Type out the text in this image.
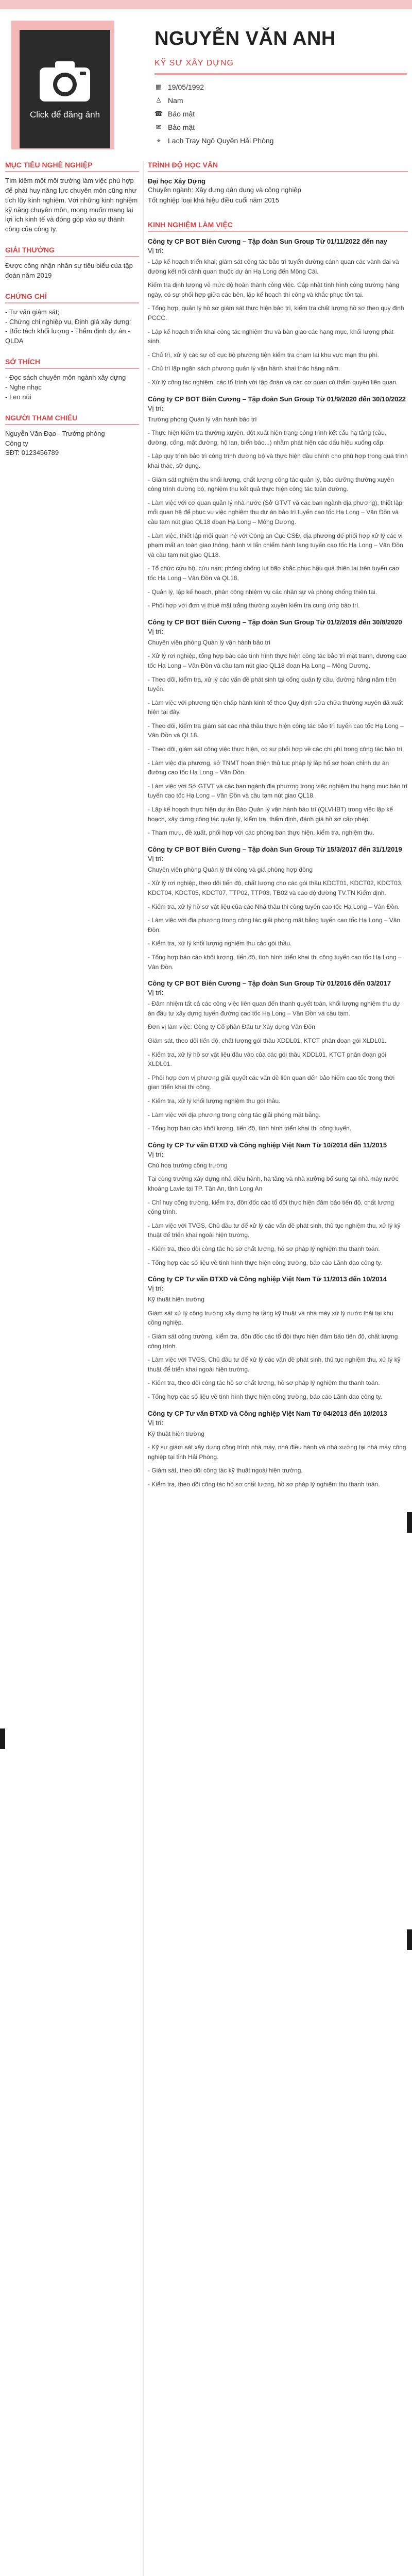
Click để đăng ảnh
NGUYỄN VĂN ANH
KỸ SƯ XÂY DỰNG
▦ 19/05/1992
♙ Nam
☎ Bảo mật
✉ Bảo mật
⌖	Lạch Tray Ngô Quyền Hải Phòng
MỤC TIÊU NGHỀ NGHIỆP

Tìm kiếm một môi trường làm việc phù hợp để phát huy năng lực chuyên môn cũng như tích lũy kinh nghiệm. Với những kinh nghiệm kỹ năng chuyên môn, mong muốn mang lại lợi ích kinh tế và đóng góp vào sự thành công của công ty.

GIẢI THƯỞNG

Được công nhận nhân sự tiêu biểu của tập đoàn năm 2019

CHỨNG CHỈ

- Tư vấn giám sát;

- Chứng chỉ nghiệp vụ, Định giá xây dựng;

- Bốc tách khối lượng - Thẩm định dự án - QLDA

SỞ THÍCH

- Đọc sách chuyên môn ngành xây dựng

- Nghe nhạc

- Leo núi

NGƯỜI THAM CHIẾU

Nguyễn Văn Đạo - Trưởng phòng

Công ty

SĐT: 0123456789

TRÌNH ĐỘ HỌC VẤN
Đại học Xây Dựng
Chuyên ngành: Xây dựng dân dụng và công nghiệp
Tốt nghiệp loại khá hiệu điều cuối năm 2015
KINH NGHIỆM LÀM VIỆC
Công ty CP BOT Biên Cương – Tập đoàn Sun Group Từ 01/11/2022 đến nay
Vị trí:

- Lập kế hoạch triển khai; giám sát công tác bảo trì tuyến đường cánh quan các vành đai và đường kết nối cảnh quan thuộc dự án Hạ Long đến Mông Cái.

Kiểm tra định lượng về mức độ hoàn thành công việc. Cập nhật tình hình công trường hàng ngày, có sự phối hợp giữa các bên, lập kế hoạch thi công và khắc phục tồn tại.

- Tổng hợp, quản lý hồ sơ giám sát thực hiện bảo trì, kiểm tra chất lượng hồ sơ theo quy định PCCC.

- Lập kế hoạch triển khai công tác nghiệm thu và bàn giao các hạng mục, khối lượng phát sinh.

- Chủ trì, xử lý các sự cố cục bộ phương tiện kiểm tra chạm lại khu vực mạn thu phí.

- Chủ trì lập ngân sách phương quản lý vận hành khai thác hàng năm.

- Xử lý công tác nghiệm, các tổ trình với tập đoàn và các cơ quan có thẩm quyền liên quan.

Công ty CP BOT Biên Cương – Tập đoàn Sun Group Từ 01/9/2020 đến 30/10/2022
Vị trí:

Trưởng phòng Quản lý vận hành bảo trì

- Thực hiện kiểm tra thường xuyên, đột xuất hiện trạng công trình kết cấu hạ tầng (cầu, đường, cống, mặt đường, hộ lan, biển báo...) nhằm phát hiện các dấu hiệu xuống cấp.

- Lập quy trình bảo trì công trình đường bộ và thực hiện đầu chính cho phù hợp trong quá trình khai thác, sử dụng.

- Giám sát nghiệm thu khối lượng, chất lượng công tác quản lý, bảo dưỡng thường xuyên công trình đường bộ, nghiệm thu kết quả thực hiện công tác tuần đường.

- Làm việc với cơ quan quản lý nhà nước (Sở GTVT và các ban ngành địa phương), thiết lập mối quan hệ để phục vụ việc nghiệm thu dự án bảo trì tuyến cao tốc Hạ Long – Vân Đồn và cầu tạm nút giao QL18 đoạn Hạ Long – Mông Dương.

- Làm việc, thiết lập mối quan hệ với Công an Cục CSĐ, địa phương để phối hợp xử lý các vi phạm mất an toàn giao thông, hành vi lấn chiếm hành lang tuyến cao tốc Hạ Long – Vân Đồn và cầu tạm nút giao QL18.

- Tổ chức cứu hộ, cứu nạn; phòng chống lụt bão khắc phục hậu quả thiên tai trên tuyến cao tốc Hạ Long – Vân Đồn và QL18.

- Quản lý, lập kế hoạch, phân công nhiệm vụ các nhân sự và phòng chống thiên tai.

- Phối hợp với đơn vị thuê mặt trắng thường xuyên kiểm tra cung ứng bảo trì.

Công ty CP BOT Biên Cương – Tập đoàn Sun Group Từ 01/2/2019 đến 30/8/2020
Vị trí:

Chuyên viên phòng Quản lý vận hành bảo trì

- Xử lý rơi nghiệp, tổng hợp báo cáo tình hình thực hiện công tác bảo trì mặt tranh, đường cao tốc Hạ Long – Vân Đồn và cầu tạm nút giao QL18 đoạn Hạ Long – Mông Dương.

- Theo dõi, kiểm tra, xử lý các vấn đề phát sinh tại cổng quản lý cầu, đường hằng năm trên tuyến.

- Làm việc với phương tiện chấp hành kinh tế theo Quy định sửa chữa thường xuyên đã xuất hiện tại đây.

- Theo dõi, kiểm tra giám sát các nhà thầu thực hiện công tác bảo trì tuyến cao tốc Hạ Long – Vân Đồn và QL18.

- Theo dõi, giám sát công việc thực hiện, có sự phối hợp về các chi phí trong công tác bảo trì.

- Làm việc địa phương, sở TNMT hoàn thiện thủ tục pháp lý lắp hố sơ hoàn chỉnh dự án đường cao tốc Hạ Long – Vân Đồn.

- Làm việc với Sở GTVT và các ban ngành địa phương trong việc nghiệm thu hạng mục bảo trì tuyến cao tốc Hạ Long – Vân Đồn và cầu tạm nút giao QL18.

- Lập kế hoạch thực hiện dự án Bảo Quản lý vận hành bảo trì (QLVHBT) trong việc lập kế hoạch, xây dựng công tác quản lý, kiểm tra, thẩm định, đánh giá hồ sơ cấp phép.

- Tham mưu, đề xuất, phối hợp với các phòng ban thực hiện, kiểm tra, nghiệm thu.

Công ty CP BOT Biên Cương – Tập đoàn Sun Group Từ 15/3/2017 đến 31/1/2019
Vị trí:

Chuyên viên phòng Quản lý thi công và giá phòng hợp đồng

- Xử lý rơi nghiệp, theo dõi tiến độ, chất lượng cho các gói thầu KDCT01, KDCT02, KDCT03, KDCT04, KDCT05, KDCT07, TTP02, TTP03, TB02 và cao độ đường TV.TN Kiểm định.

- Kiểm tra, xử lý hồ sơ vật liệu của các Nhà thầu thi công tuyến cao tốc Hạ Long – Vân Đồn.

- Làm việc với địa phương trong công tác giải phóng mặt bằng tuyến cao tốc Hạ Long – Vân Đồn.

- Kiểm tra, xử lý khối lượng nghiệm thu các gói thầu.

- Tổng hợp báo cáo khối lượng, tiến độ, tình hình triển khai thi công tuyến cao tốc Hạ Long – Vân Đồn.

Công ty CP BOT Biên Cương – Tập đoàn Sun Group Từ 01/2016 đến 03/2017
Vị trí:

- Đảm nhiệm tất cả các công việc liên quan đến thanh quyết toán, khối lượng nghiệm thu dự án đầu tư xây dựng tuyến đường cao tốc Hạ Long – Vân Đồn và cầu tạm.

Đơn vị làm việc: Công ty Cổ phần Đầu tư Xây dựng Vân Đồn

Giám sát, theo dõi tiến độ, chất lượng gói thầu XDDL01, KTCT phân đoạn gói XLDL01.

- Kiểm tra, xử lý hồ sơ vật liệu đầu vào của các gói thầu XDDL01, KTCT phân đoạn gói XLDL01.

- Phối hợp đơn vị phương giải quyết các vấn đề liên quan đến bảo hiểm cao tốc trong thời gian triển khai thi công.

- Kiểm tra, xử lý khối lượng nghiệm thu gói thầu.

- Làm việc với địa phương trong công tác giải phóng mặt bằng.

- Tổng hợp báo cáo khối lượng, tiến độ, tình hình triển khai thi công tuyến.

Công ty CP Tư vấn ĐTXD và Công nghiệp Việt Nam Từ 10/2014 đến 11/2015
Vị trí:

Chủ hoạ trường công trường

Tại công trường xây dựng nhà điều hành, hạ tầng và nhà xưởng bố sung tại nhà máy nước khoáng Lavie tại TP. Tân An, tỉnh Long An

- Chỉ huy công trường, kiểm tra, đôn đốc các tổ đội thực hiện đảm bảo tiến độ, chất lượng công trình.

- Làm việc với TVGS, Chủ đầu tư để xử lý các vấn đề phát sinh, thủ tục nghiệm thu, xử lý kỹ thuật để triển khai ngoài hiện trường.

- Kiểm tra, theo dõi công tác hồ sơ chất lượng, hồ sơ pháp lý nghiệm thu thanh toán.

- Tổng hợp các số liệu về tình hình thực hiện công trường, báo cáo Lãnh đạo công ty.

Công ty CP Tư vấn ĐTXD và Công nghiệp Việt Nam Từ 11/2013 đến 10/2014
Vị trí:

Kỹ thuật hiện trường

Giám sát xử lý công trường xây dựng hạ tầng kỹ thuật và nhà máy xử lý nước thải tại khu công nghiệp.

- Giám sát công trường, kiểm tra, đôn đốc các tổ đội thực hiện đảm bảo tiến độ, chất lượng công trình.

- Làm việc với TVGS, Chủ đầu tư để xử lý các vấn đề phát sinh, thủ tục nghiệm thu, xử lý kỹ thuật để triển khai ngoài hiện trường.

- Kiểm tra, theo dõi công tác hồ sơ chất lượng, hồ sơ pháp lý nghiệm thu thanh toán.

- Tổng hợp các số liệu về tình hình thực hiện công trường, báo cáo Lãnh đạo công ty.

Công ty CP Tư vấn ĐTXD và Công nghiệp Việt Nam Từ 04/2013 đến 10/2013
Vị trí:

Kỹ thuật hiện trường

- Kỹ sư giám sát xây dựng công trình nhà máy, nhà điều hành và nhà xưởng tại nhà máy công nghiệp tại tỉnh Hải Phòng.

- Giám sát, theo dõi công tác kỹ thuật ngoài hiện trường.

- Kiểm tra, theo dõi công tác hồ sơ chất lượng, hồ sơ pháp lý nghiệm thu thanh toán.
